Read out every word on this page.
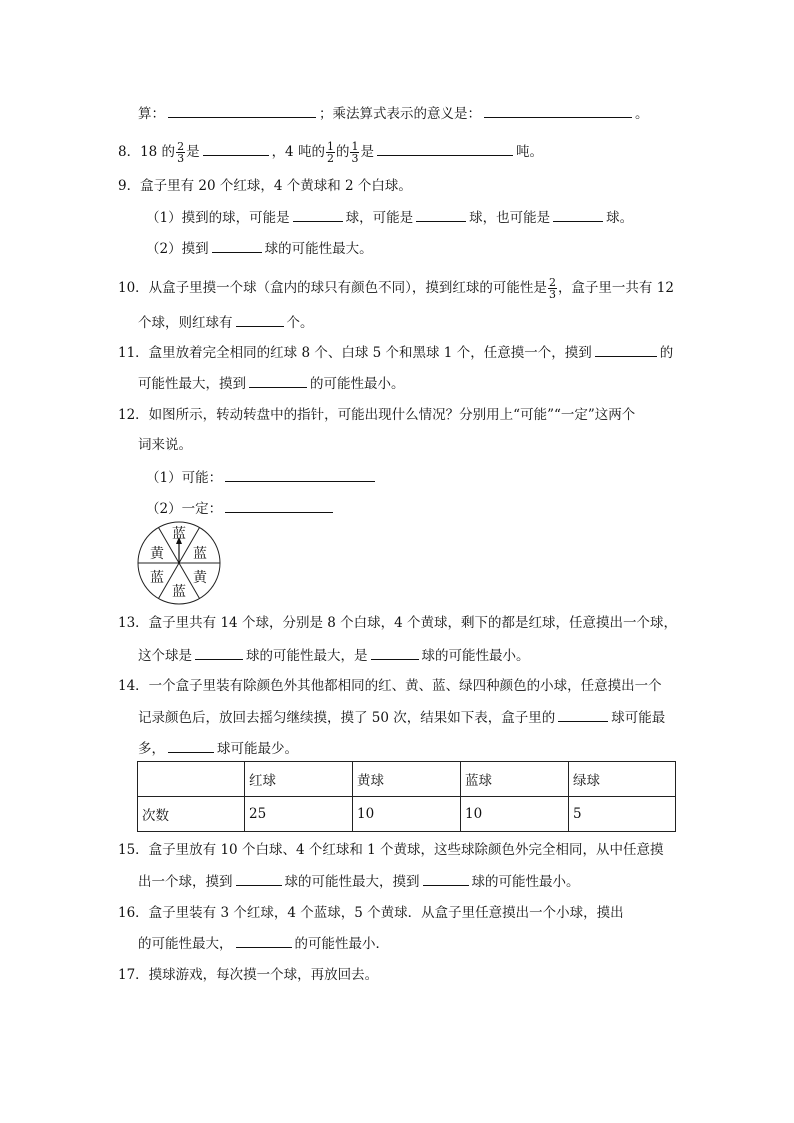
算：	；乘法算式表示的意义是：	。
8．18 的 $\frac{2}{3}$ 是	，4 吨的 $\frac{1}{2}$ 的 $\frac{1}{3}$ 是	吨。
9．盒子里有 20 个红球，4 个黄球和 2 个白球。
（1）摸到的球，可能是	球，可能是	球，也可能是	球。
（2）摸到	球的可能性最大。
10．从盒子里摸一个球（盒内的球只有颜色不同），摸到红球的可能性是 $\frac{2}{3}$ ，盒子里一共有 12
个球，则红球有	个。
11．盒里放着完全相同的红球 8 个、白球 5 个和黑球 1 个，任意摸一个，摸到	的
可能性最大，摸到	的可能性最小。
12．如图所示，转动转盘中的指针，可能出现什么情况？分别用上“可能”“一定”这两个
词来说。
（1）可能：
（2）一定：
蓝
蓝
黄
蓝
蓝
黄
13．盒子里共有 14 个球，分别是 8 个白球，4 个黄球，剩下的都是红球，任意摸出一个球，
这个球是	球的可能性最大，是	球的可能性最小。
14．一个盒子里装有除颜色外其他都相同的红、黄、蓝、绿四种颜色的小球，任意摸出一个
记录颜色后，放回去摇匀继续摸，摸了 50 次，结果如下表，盒子里的	球可能最
多，	球可能最少。
	红球	黄球	蓝球	绿球
次数	25	10	10	5
15．盒子里放有 10 个白球、4 个红球和 1 个黄球，这些球除颜色外完全相同，从中任意摸
出一个球，摸到	球的可能性最大，摸到	球的可能性最小。
16．盒子里装有 3 个红球，4 个蓝球，5 个黄球．从盒子里任意摸出一个小球，摸出
的可能性最大，	的可能性最小．
17．摸球游戏，每次摸一个球，再放回去。
